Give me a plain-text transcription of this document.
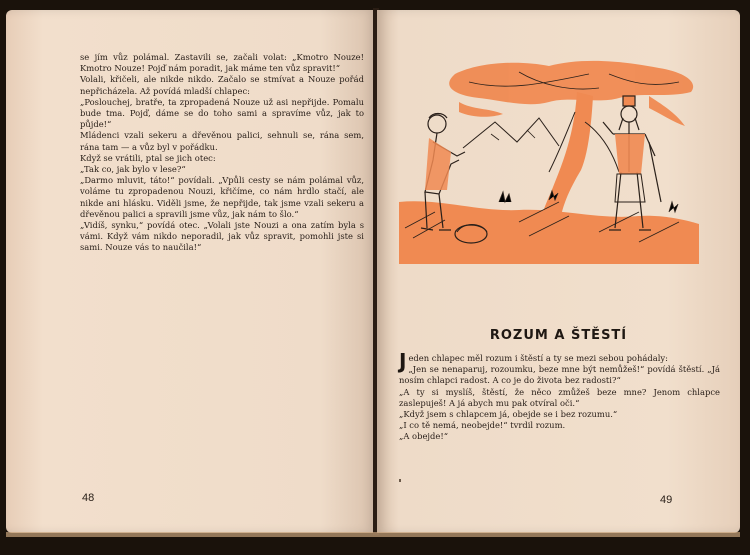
se jím vůz polámal. Zastavili se, začali volat: „Kmotro Nouze! Kmotro Nouze! Pojď nám poradit, jak máme ten vůz spravit!“

Volali, křičeli, ale nikde nikdo. Začalo se stmívat a Nouze pořád nepřicházela. Až povídá mladší chlapec:

„Poslouchej, bratře, ta zpropadená Nouze už asi nepřijde. Pomalu bude tma. Pojď, dáme se do toho sami a spravíme vůz, jak to půjde!“

Mládenci vzali sekeru a dřevěnou palici, sehnuli se, rána sem, rána tam — a vůz byl v pořádku.

Když se vrátili, ptal se jich otec:

„Tak co, jak bylo v lese?“

„Darmo mluvit, táto!“ povídali. „Vpůli cesty se nám polámal vůz, voláme tu zpropadenou Nouzi, křičíme, co nám hrdlo stačí, ale nikde ani hlásku. Viděli jsme, že nepřijde, tak jsme vzali sekeru a dřevěnou palici a spravili jsme vůz, jak nám to šlo.“

„Vidíš, synku,“ povídá otec. „Volali jste Nouzi a ona zatím byla s vámi. Když vám nikdo neporadil, jak vůz spravit, pomohli jste si sami. Nouze vás to naučila!“

48
ROZUM A ŠTĚSTÍ

Jeden chlapec měl rozum i štěstí a ty se mezi sebou pohádaly:

„Jen se nenaparuj, rozoumku, beze mne být nemůžeš!“ povídá štěstí. „Já nosím chlapci radost. A co je do života bez radosti?“

„A ty si myslíš, štěstí, že něco zmůžeš beze mne? Jenom chlapce zaslepuješ! A já abych mu pak otvíral oči.“

„Když jsem s chlapcem já, obejde se i bez rozumu.“

„I co tě nemá, neobejde!“ tvrdil rozum.

„A obejde!“

49
